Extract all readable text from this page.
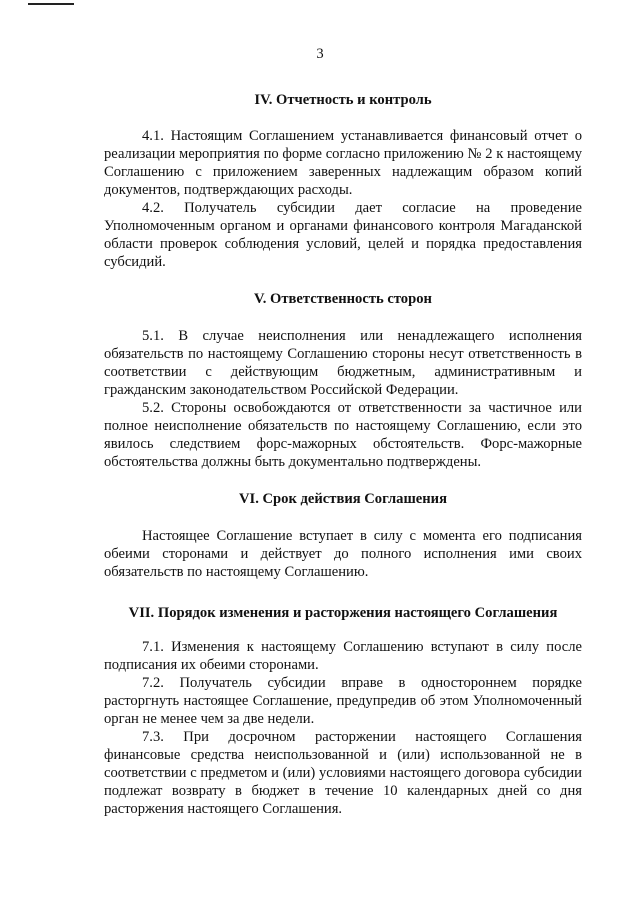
3
IV. Отчетность и контроль

4.1. Настоящим Соглашением устанавливается финансовый отчет о реализации мероприятия по форме согласно приложению № 2 к настоящему Соглашению с приложением заверенных надлежащим образом копий документов, подтверждающих расходы.

4.2. Получатель субсидии дает согласие на проведение Уполномоченным органом и органами финансового контроля Магаданской области проверок соблюдения условий, целей и порядка предоставления субсидий.

V. Ответственность сторон

5.1. В случае неисполнения или ненадлежащего исполнения обязательств по настоящему Соглашению стороны несут ответственность в соответствии с действующим бюджетным, административным и гражданским законодательством Российской Федерации.

5.2. Стороны освобождаются от ответственности за частичное или полное неисполнение обязательств по настоящему Соглашению, если это явилось следствием форс-мажорных обстоятельств. Форс-мажорные обстоятельства должны быть документально подтверждены.

VI. Срок действия Соглашения

Настоящее Соглашение вступает в силу с момента его подписания обеими сторонами и действует до полного исполнения ими своих обязательств по настоящему Соглашению.

VII. Порядок изменения и расторжения настоящего Соглашения

7.1. Изменения к настоящему Соглашению вступают в силу после подписания их обеими сторонами.

7.2. Получатель субсидии вправе в одностороннем порядке расторгнуть настоящее Соглашение, предупредив об этом Уполномоченный орган не менее чем за две недели.

7.3. При досрочном расторжении настоящего Соглашения финансовые средства неиспользованной и (или) использованной не в соответствии с предметом и (или) условиями настоящего договора субсидии подлежат возврату в бюджет в течение 10 календарных дней со дня расторжения настоящего Соглашения.
